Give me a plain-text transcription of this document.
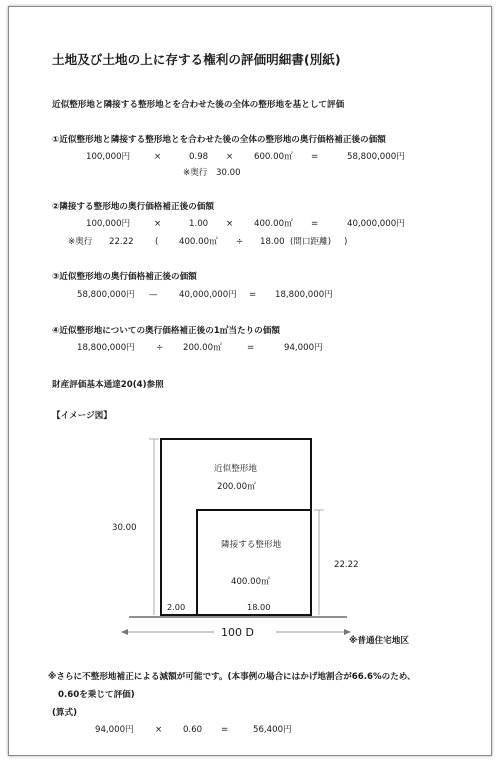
土地及び土地の上に存する権利の評価明細書(別紙)
近似整形地と隣接する整形地とを合わせた後の全体の整形地を基として評価
①近似整形地と隣接する整形地とを合わせた後の全体の整形地の奥行価格補正後の価額
100,000円	×	0.98 × 600.00㎡ =	58,800,000円
※奥行　30.00
②隣接する整形地の奥行価格補正後の価額
100,000円	×	1.00 × 400.00㎡ =	40,000,000円
※奥行 22.22 ( 400.00㎡ ÷ 18.00 (間口距離) )
③近似整形地の奥行価格補正後の価額
58,800,000円 — 40,000,000円 = 18,800,000円
④近似整形地についての奥行価格補正後の1㎡当たりの価額
18,800,000円 ÷ 200.00㎡	=	94,000円
財産評価基本通達20(4)参照
【イメージ図】
近似整形地
200.00㎡
隣接する整形地
400.00㎡
30.00
22.22
2.00	18.00
100 D
※普通住宅地区
※さらに不整形地補正による減額が可能です。(本事例の場合にはかげ地割合が66.6%のため、
0.60を乗じて評価)
(算式)
94,000円 × 0.60 =	56,400円
